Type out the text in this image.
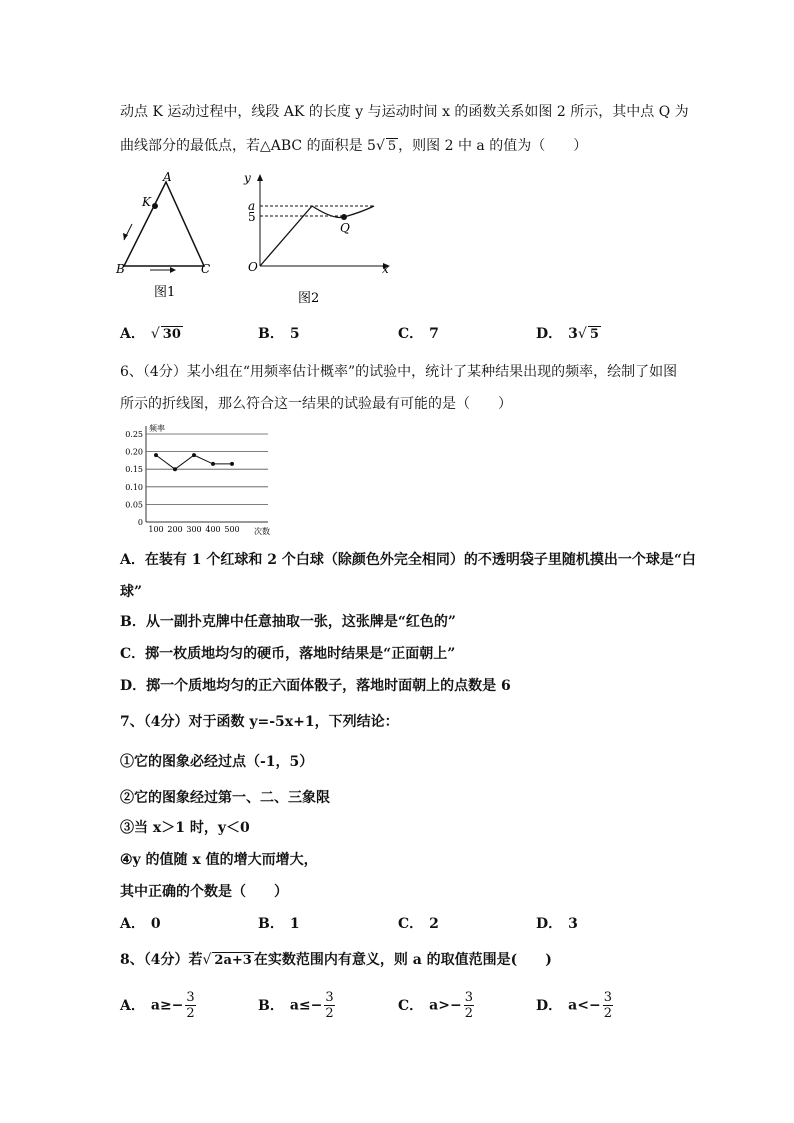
动点 K 运动过程中，线段 AK 的长度 y 与运动时间 x 的函数关系如图 2 所示，其中点 Q 为
曲线部分的最低点，若△ABC 的面积是 5√ 5 ，则图 2 中 a 的值为（　　）
A
K
B	C
图1
y
a
5
O	x
Q
图2
A． √ 30	B． 5	C． 7	D． 3√ 5
6、（4分）某小组在“用频率估计概率”的试验中，统计了某种结果出现的频率，绘制了如图
所示的折线图，那么符合这一结果的试验最有可能的是（　　）
0.25
0.20
0.15
0.10
0.05
0
频率
100 200 300 400 500 次数
A．在装有 1 个红球和 2 个白球（除颜色外完全相同）的不透明袋子里随机摸出一个球是“白
球”
B．从一副扑克牌中任意抽取一张，这张牌是“红色的”
C．掷一枚质地均匀的硬币，落地时结果是“正面朝上”
D．掷一个质地均匀的正六面体骰子，落地时面朝上的点数是 6
7、（4分）对于函数 y=-5x+1，下列结论：
①它的图象必经过点（-1，5）
②它的图象经过第一、二、三象限
③当 x＞1 时，y＜0
④y 的值随 x 值的增大而增大，
其中正确的个数是（　　）
A． 0	B． 1	C． 2	D． 3
8、（4分）若√ 2a+3 在实数范围内有意义，则 a 的取值范围是(　　)
A． $a\ge- \frac{3}{2}$	B． $a\le- \frac{3}{2}$	C． $a>- \frac{3}{2}$	D． $a<- \frac{3}{2}$
